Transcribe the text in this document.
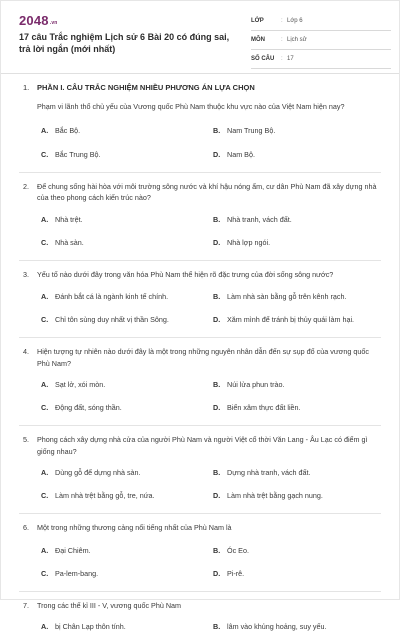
$2048^{.vn}$
17 câu Trắc nghiệm Lịch sử 6 Bài 20 có đúng sai, trả lời ngắn (mới nhất)
LỚP	: Lớp 6
MÔN	: Lịch sử
SỐ CÂU	: 17
1.	PHẦN I. CÂU TRẮC NGHIỆM NHIỀU PHƯƠNG ÁN LỰA CHỌN
Phạm vi lãnh thổ chủ yếu của Vương quốc Phù Nam thuộc khu vực nào của Việt Nam hiện nay?
A. Bắc Bộ.	B. Nam Trung Bộ.
C. Bắc Trung Bộ.	D. Nam Bộ.
2.	Để chung sống hài hòa với môi trường sông nước và khí hậu nóng ẩm, cư dân Phù Nam đã xây dựng nhà của theo phong cách kiến trúc nào?
A. Nhà trệt.	B. Nhà tranh, vách đất.
C. Nhà sàn.	D. Nhà lợp ngói.
3.	Yếu tố nào dưới đây trong văn hóa Phù Nam thể hiện rõ đặc trưng của đời sống sông nước?
A. Đánh bắt cá là ngành kinh tế chính.	B. Làm nhà sàn bằng gỗ trên kênh rạch.
C. Chỉ tôn sùng duy nhất vị thần Sông.	D. Xăm mình để tránh bị thủy quái làm hại.
4.	Hiện tượng tự nhiên nào dưới đây là một trong những nguyên nhân dẫn đến sự sụp đổ của vương quốc Phù Nam?
A. Sạt lở, xói mòn.	B. Núi lửa phun trào.
C. Động đất, sóng thần.	D. Biển xâm thực đất liền.
5.	Phong cách xây dựng nhà cửa của người Phù Nam và người Việt cổ thời Văn Lang - Âu Lạc có điểm gì giống nhau?
A. Dùng gỗ để dựng nhà sàn.	B. Dựng nhà tranh, vách đất.
C. Làm nhà trệt bằng gỗ, tre, nứa.	D. Làm nhà trệt bằng gạch nung.
6.	Một trong những thương cảng nổi tiếng nhất của Phù Nam là
A. Đại Chiêm.	B. Óc Eo.
C. Pa-lem-bang.	D. Pi-rê.
7.	Trong các thế kỉ III - V, vương quốc Phù Nam
A. bị Chân Lạp thôn tính.	B. lâm vào khủng hoảng, suy yếu.
